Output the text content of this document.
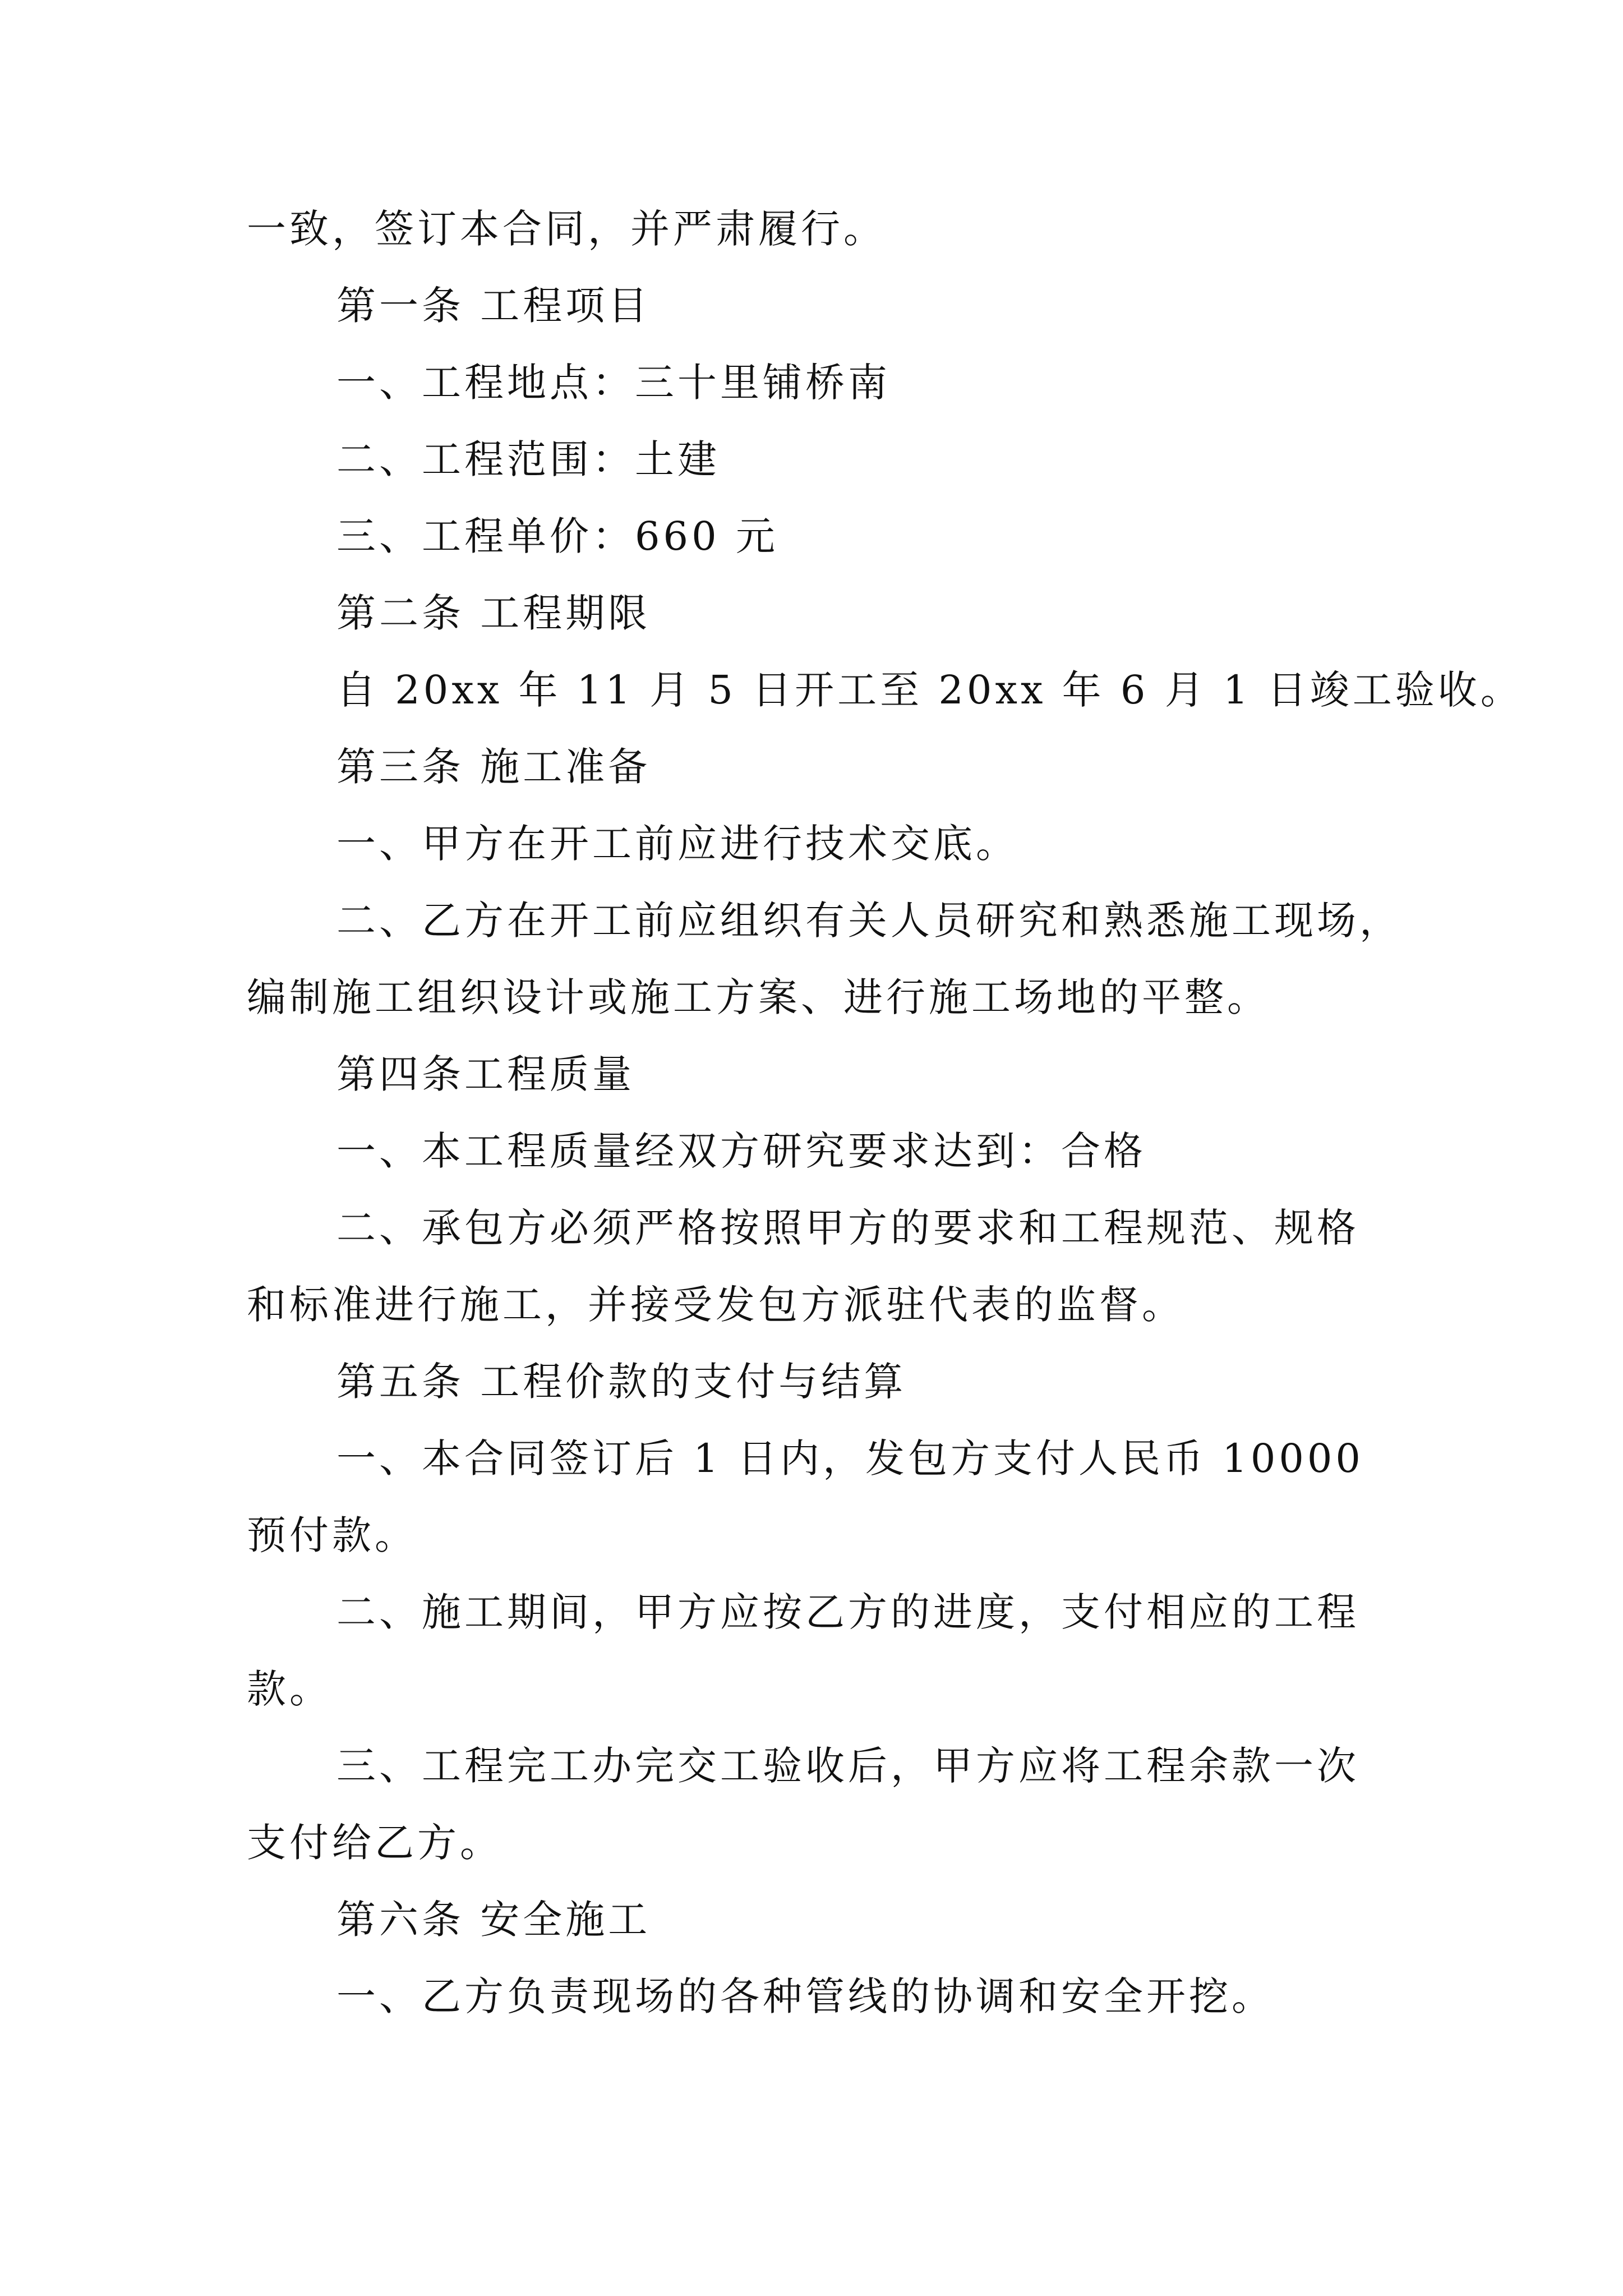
一致，签订本合同，并严肃履行。
第一条 工程项目
一、工程地点：三十里铺桥南
二、工程范围：土建
三、工程单价：660 元
第二条 工程期限
自 20xx 年 11 月 5 日开工至 20xx 年 6 月 1 日竣工验收。
第三条 施工准备
一、甲方在开工前应进行技术交底。
二、乙方在开工前应组织有关人员研究和熟悉施工现场，
编制施工组织设计或施工方案、进行施工场地的平整。
第四条工程质量
一、本工程质量经双方研究要求达到：合格
二、承包方必须严格按照甲方的要求和工程规范、规格
和标准进行施工，并接受发包方派驻代表的监督。
第五条 工程价款的支付与结算
一、本合同签订后 1 日内，发包方支付人民币 10000
预付款。
二、施工期间，甲方应按乙方的进度，支付相应的工程
款。
三、工程完工办完交工验收后，甲方应将工程余款一次
支付给乙方。
第六条 安全施工
一、乙方负责现场的各种管线的协调和安全开挖。
